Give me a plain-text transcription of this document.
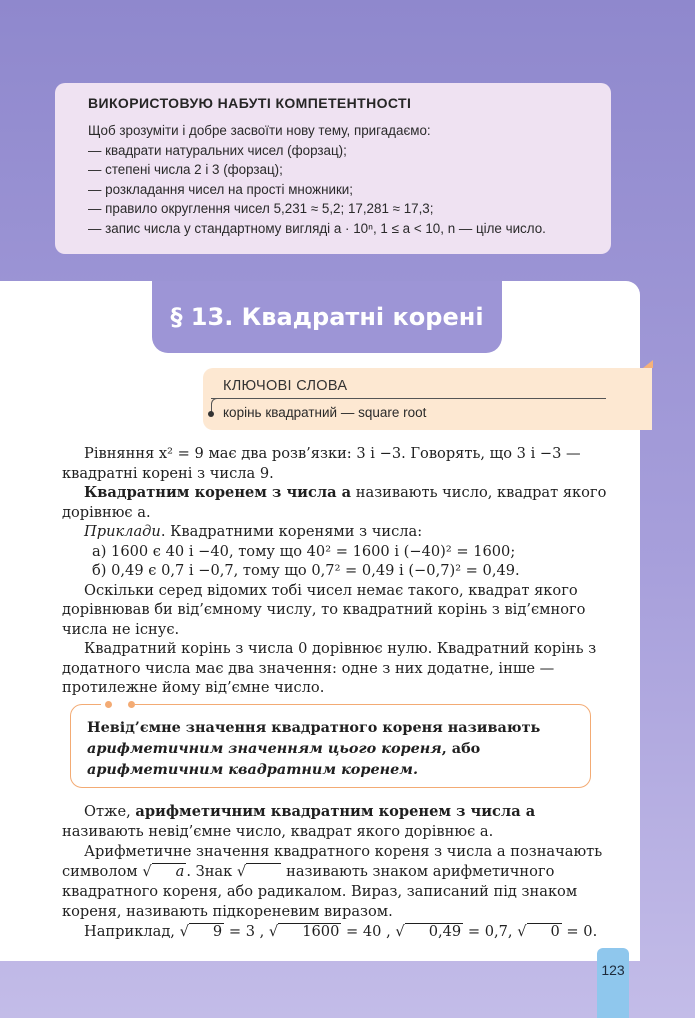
ВИКОРИСТОВУЮ НАБУТІ КОМПЕТЕНТНОСТІ
Щоб зрозуміти і добре засвоїти нову тему, пригадаємо:
— квадрати натуральних чисел (форзац);
— степені числа 2 і 3 (форзац);
— розкладання чисел на прості множники;
— правило округлення чисел 5,231 ≈ 5,2; 17,281 ≈ 17,3;
— запис числа у стандартному вигляді a · 10ⁿ, 1 ≤ a < 10, n — ціле число.
§ 13. Квадратні корені
КЛЮЧОВІ СЛОВА
корінь квадратний — square root

Рівняння x² = 9 має два розв’язки: 3 і −3. Говорять, що 3 і −3 — квадратні корені з числа 9.

Квадратним коренем з числа a називають число, квадрат якого дорівнює a.

Приклади. Квадратними коренями з числа:

а) 1600 є 40 і −40, тому що 40² = 1600 і (−40)² = 1600;

б) 0,49 є 0,7 і −0,7, тому що 0,7² = 0,49 і (−0,7)² = 0,49.

Оскільки серед відомих тобі чисел немає такого, квадрат якого дорівнював би від’ємному числу, то квадратний корінь з від’ємного числа не існує.

Квадратний корінь з числа 0 дорівнює нулю. Квадратний корінь з додатного числа має два значення: одне з них додатне, інше — протилежне йому від’ємне число.

Невід’ємне значення квадратного кореня називають арифметичним значенням цього кореня, або арифметичним квадратним коренем.

Отже, арифметичним квадратним коренем з числа a називають невід’ємне число, квадрат якого дорівнює a.

Арифметичне значення квадратного кореня з числа a позначають символом √ a . Знак √   називають знаком арифметичного квадратного кореня, або радикалом. Вираз, записаний під знаком кореня, називають підкореневим виразом.

Наприклад, √ 9 = 3 , √ 1600 = 40 , √ 0,49 = 0,7, √ 0 = 0.

123
